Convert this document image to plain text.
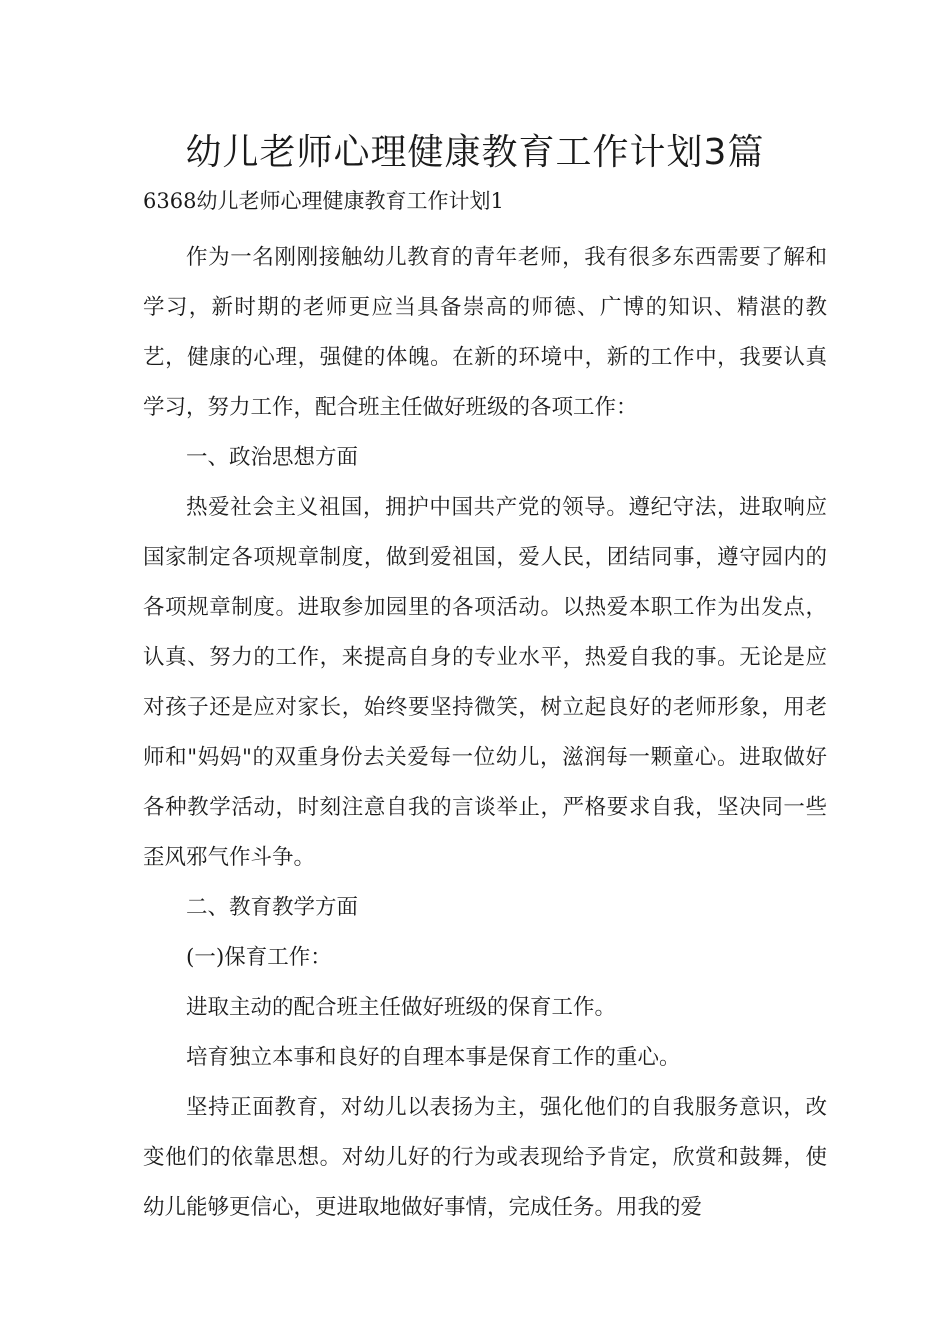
幼儿老师心理健康教育工作计划3篇

6368幼儿老师心理健康教育工作计划1

作为一名刚刚接触幼儿教育的青年老师，我有很多东西需要了解和学习，新时期的老师更应当具备崇高的师德、广博的知识、精湛的教艺，健康的心理，强健的体魄。在新的环境中，新的工作中，我要认真学习，努力工作，配合班主任做好班级的各项工作：

一、政治思想方面

热爱社会主义祖国，拥护中国共产党的领导。遵纪守法，进取响应国家制定各项规章制度，做到爱祖国，爱人民，团结同事，遵守园内的各项规章制度。进取参加园里的各项活动。以热爱本职工作为出发点，认真、努力的工作，来提高自身的专业水平，热爱自我的事。无论是应对孩子还是应对家长，始终要坚持微笑，树立起良好的老师形象，用老师和"妈妈"的双重身份去关爱每一位幼儿，滋润每一颗童心。进取做好各种教学活动，时刻注意自我的言谈举止，严格要求自我，坚决同一些歪风邪气作斗争。

二、教育教学方面

(一)保育工作：

进取主动的配合班主任做好班级的保育工作。

培育独立本事和良好的自理本事是保育工作的重心。

坚持正面教育，对幼儿以表扬为主，强化他们的自我服务意识，改变他们的依靠思想。对幼儿好的行为或表现给予肯定，欣赏和鼓舞，使幼儿能够更信心，更进取地做好事情，完成任务。用我的爱
